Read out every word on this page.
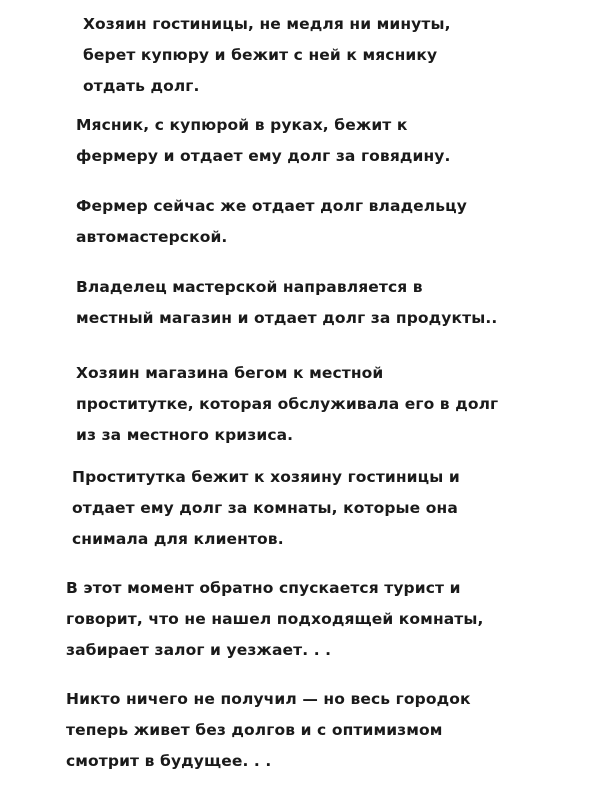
Хозяин гостиницы, не медля ни минуты,
берет купюру и бежит с ней к мяснику
отдать долг.

Мясник, с купюрой в руках, бежит к
фермеру и отдает ему долг за говядину.

Фермер сейчас же отдает долг владельцу
автомастерской.

Владелец мастерской направляется в
местный магазин и отдает долг за продукты..

Хозяин магазина бегом к местной
проститутке, которая обслуживала его в долг
из за местного кризиса.

Проститутка бежит к хозяину гостиницы и
отдает ему долг за комнаты, которые она
снимала для клиентов.

В этот момент обратно спускается турист и
говорит, что не нашел подходящей комнаты,
забирает залог и уезжает. . .

Никто ничего не получил — но весь городок
теперь живет без долгов и с оптимизмом
смотрит в будущее. . .
